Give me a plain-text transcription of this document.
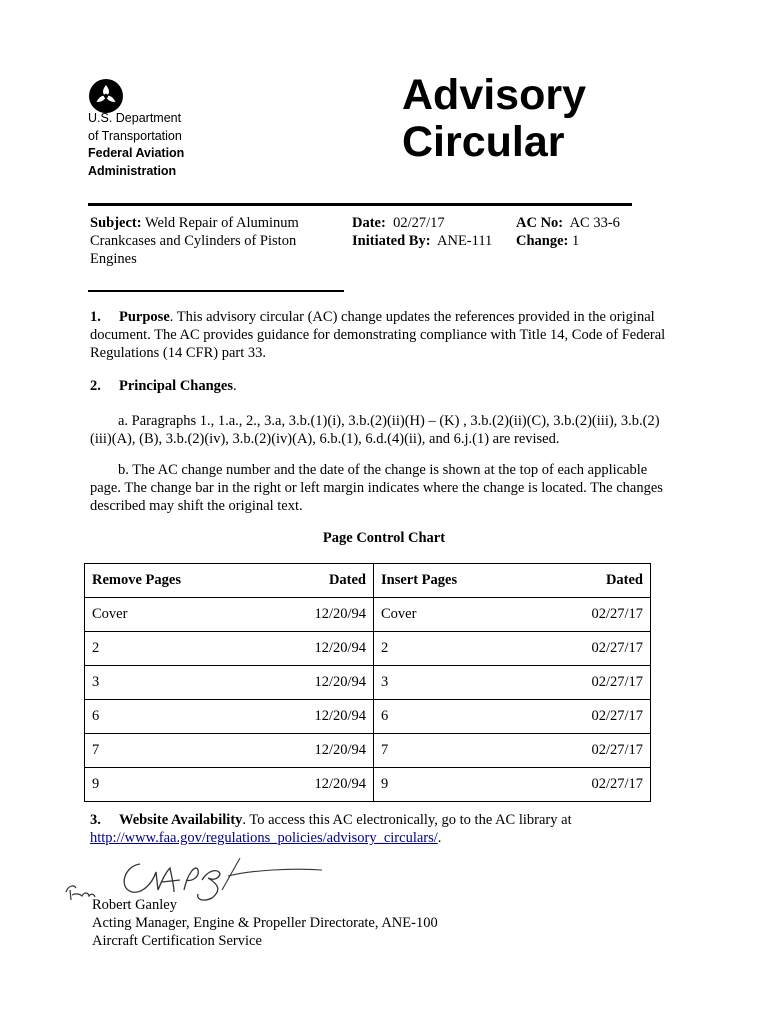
U.S. Department
of Transportation
Federal Aviation
Administration
Advisory
Circular
Subject: Weld Repair of Aluminum Crankcases and Cylinders of Piston Engines
Date: 02/27/17
Initiated By: ANE-111
AC No: AC 33-6
Change: 1
1. Purpose. This advisory circular (AC) change updates the references provided in the original document. The AC provides guidance for demonstrating compliance with Title 14, Code of Federal Regulations (14 CFR) part 33.
2. Principal Changes.
a. Paragraphs 1., 1.a., 2., 3.a, 3.b.(1)(i), 3.b.(2)(ii)(H) – (K) , 3.b.(2)(ii)(C), 3.b.(2)(iii), 3.b.(2)(iii)(A), (B), 3.b.(2)(iv), 3.b.(2)(iv)(A), 6.b.(1), 6.d.(4)(ii), and 6.j.(1) are revised.
b. The AC change number and the date of the change is shown at the top of each applicable page. The change bar in the right or left margin indicates where the change is located. The changes described may shift the original text.
Page Control Chart
Remove Pages	Dated	Insert Pages	Dated
Cover	12/20/94	Cover	02/27/17
2	12/20/94	2	02/27/17
3	12/20/94	3	02/27/17
6	12/20/94	6	02/27/17
7	12/20/94	7	02/27/17
9	12/20/94	9	02/27/17
3. Website Availability. To access this AC electronically, go to the AC library at
http://www.faa.gov/regulations_policies/advisory_circulars/.
Robert Ganley
Acting Manager, Engine & Propeller Directorate, ANE-100
Aircraft Certification Service
